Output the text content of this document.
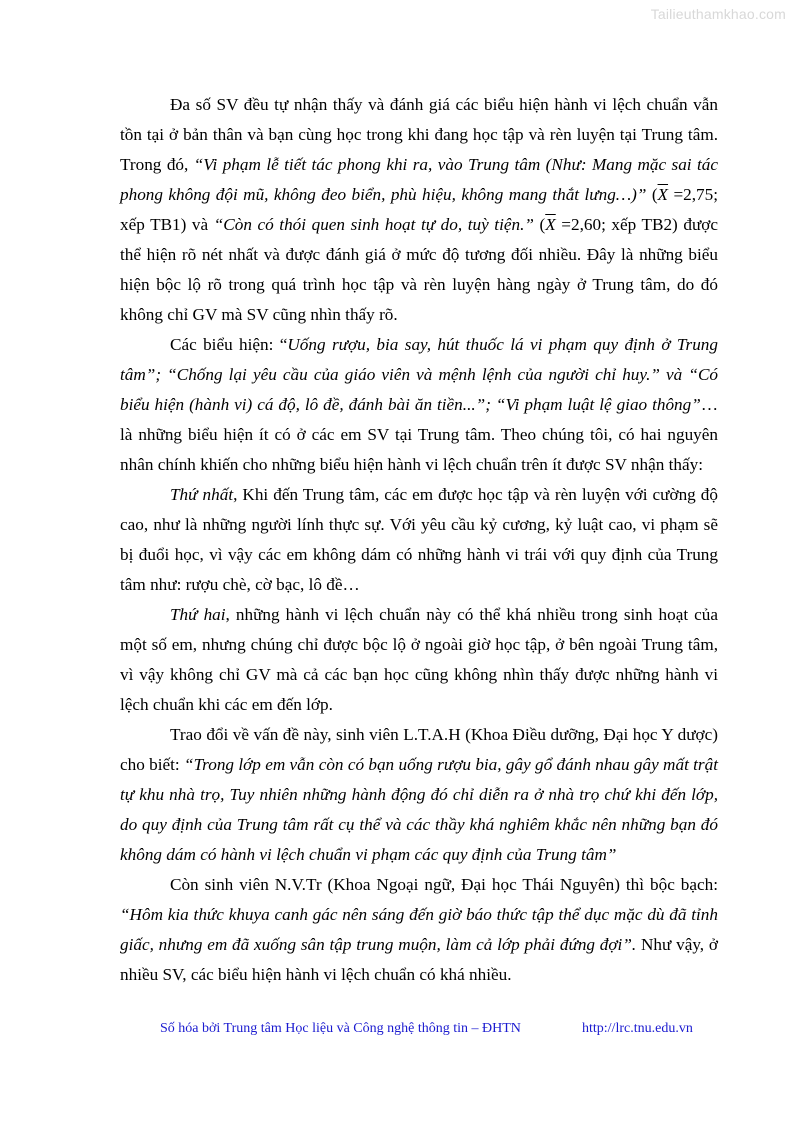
Tailieuthamkhao.com

Đa số SV đều tự nhận thấy và đánh giá các biểu hiện hành vi lệch chuẩn vẫn tồn tại ở bản thân và bạn cùng học trong khi đang học tập và rèn luyện tại Trung tâm. Trong đó, “Vi phạm lễ tiết tác phong khi ra, vào Trung tâm (Như: Mang mặc sai tác phong không đội mũ, không đeo biển, phù hiệu, không mang thắt lưng…)” ($\overline{X} =2,75$; xếp TB1) và “Còn có thói quen sinh hoạt tự do, tuỳ tiện.” ($\overline{X} =2,60$; xếp TB2) được thể hiện rõ nét nhất và được đánh giá ở mức độ tương đối nhiều. Đây là những biểu hiện bộc lộ rõ trong quá trình học tập và rèn luyện hàng ngày ở Trung tâm, do đó không chỉ GV mà SV cũng nhìn thấy rõ.

Các biểu hiện: “Uống rượu, bia say, hút thuốc lá vi phạm quy định ở Trung tâm”; “Chống lại yêu cầu của giáo viên và mệnh lệnh của người chỉ huy.” và “Có biểu hiện (hành vi) cá độ, lô đề, đánh bài ăn tiền...”; “Vi phạm luật lệ giao thông”… là những biểu hiện ít có ở các em SV tại Trung tâm. Theo chúng tôi, có hai nguyên nhân chính khiến cho những biểu hiện hành vi lệch chuẩn trên ít được SV nhận thấy:

Thứ nhất, Khi đến Trung tâm, các em được học tập và rèn luyện với cường độ cao, như là những người lính thực sự. Với yêu cầu kỷ cương, kỷ luật cao, vi phạm sẽ bị đuổi học, vì vậy các em không dám có những hành vi trái với quy định của Trung tâm như: rượu chè, cờ bạc, lô đề…

Thứ hai, những hành vi lệch chuẩn này có thể khá nhiều trong sinh hoạt của một số em, nhưng chúng chỉ được bộc lộ ở ngoài giờ học tập, ở bên ngoài Trung tâm, vì vậy không chỉ GV mà cả các bạn học cũng không nhìn thấy được những hành vi lệch chuẩn khi các em đến lớp.

Trao đổi về vấn đề này, sinh viên L.T.A.H (Khoa Điều dưỡng, Đại học Y dược) cho biết: “Trong lớp em vẫn còn có bạn uống rượu bia, gây gổ đánh nhau gây mất trật tự khu nhà trọ, Tuy nhiên những hành động đó chỉ diễn ra ở nhà trọ chứ khi đến lớp, do quy định của Trung tâm rất cụ thể và các thầy khá nghiêm khắc nên những bạn đó không dám có hành vi lệch chuẩn vi phạm các quy định của Trung tâm”

Còn sinh viên N.V.Tr (Khoa Ngoại ngữ, Đại học Thái Nguyên) thì bộc bạch: “Hôm kia thức khuya canh gác nên sáng đến giờ báo thức tập thể dục mặc dù đã tỉnh giấc, nhưng em đã xuống sân tập trung muộn, làm cả lớp phải đứng đợi”. Như vậy, ở nhiều SV, các biểu hiện hành vi lệch chuẩn có khá nhiều.

Số hóa bởi Trung tâm Học liệu và Công nghệ thông tin – ĐHTN	http://lrc.tnu.edu.vn
